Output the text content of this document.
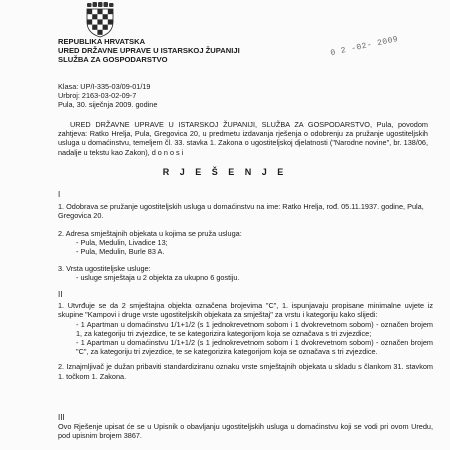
0 2 -02- 2009
REPUBLIKA HRVATSKA
URED DRŽAVNE UPRAVE U ISTARSKOJ ŽUPANIJI
SLUŽBA ZA GOSPODARSTVO
Klasa: UP/I-335-03/09-01/19
Urbroj: 2163-03-02-09-7
Pula, 30. siječnja 2009. godine
URED DRŽAVNE UPRAVE U ISTARSKOJ ŽUPANIJI, SLUŽBA ZA GOSPODARSTVO, Pula, povodom zahtjeva: Ratko Hrelja, Pula, Gregovica 20, u predmetu izdavanja rješenja o odobrenju za pružanje ugostiteljskih usluga u domaćinstvu, temeljem čl. 33. stavka 1. Zakona o ugostiteljskoj djelatnosti ("Narodne novine", br. 138/06, nadalje u tekstu kao Zakon), d o n o s i
R J E Š E N J E
I
1. Odobrava se pružanje ugostiteljskih usluga u domaćinstvu na ime: Ratko Hrelja, rođ. 05.11.1937. godine, Pula, Gregovica 20.
2. Adresa smještajnih objekata u kojima se pruža usluga:
- Pula, Medulin, Livadice 13;
- Pula, Medulin, Burle 83 A.
3. Vrsta ugostiteljske usluge:
- usluge smještaja u 2 objekta za ukupno 6 gostiju.
II
1. Utvrđuje se da 2 smještajna objekta označena brojevima "C", 1. ispunjavaju propisane minimalne uvjete iz skupine "Kampovi i druge vrste ugostiteljskih objekata za smještaj" za vrstu i kategoriju kako slijedi:
- 1 Apartman u domaćinstvu 1/1+1/2 (s 1 jednokrevetnom sobom i 1 dvokrevetnom sobom) - označen brojem 1, za kategoriju tri zvjezdice, te se kategorizira kategorijom koja se označava s tri zvjezdice;
- 1 Apartman u domaćinstvu 1/1+1/2 (s 1 jednokrevetnom sobom i 1 dvokrevetnom sobom) - označen brojem "C", za kategoriju tri zvjezdice, te se kategorizira kategorijom koja se označava s tri zvjezdice.
2. Iznajmljivač je dužan pribaviti standardiziranu oznaku vrste smještajnih objekata u skladu s člankom 31. stavkom 1. točkom 1. Zakona.
III
Ovo Rješenje upisat će se u Upisnik o obavljanju ugostiteljskih usluga u domaćinstvu koji se vodi pri ovom Uredu, pod upisnim brojem 3867.
